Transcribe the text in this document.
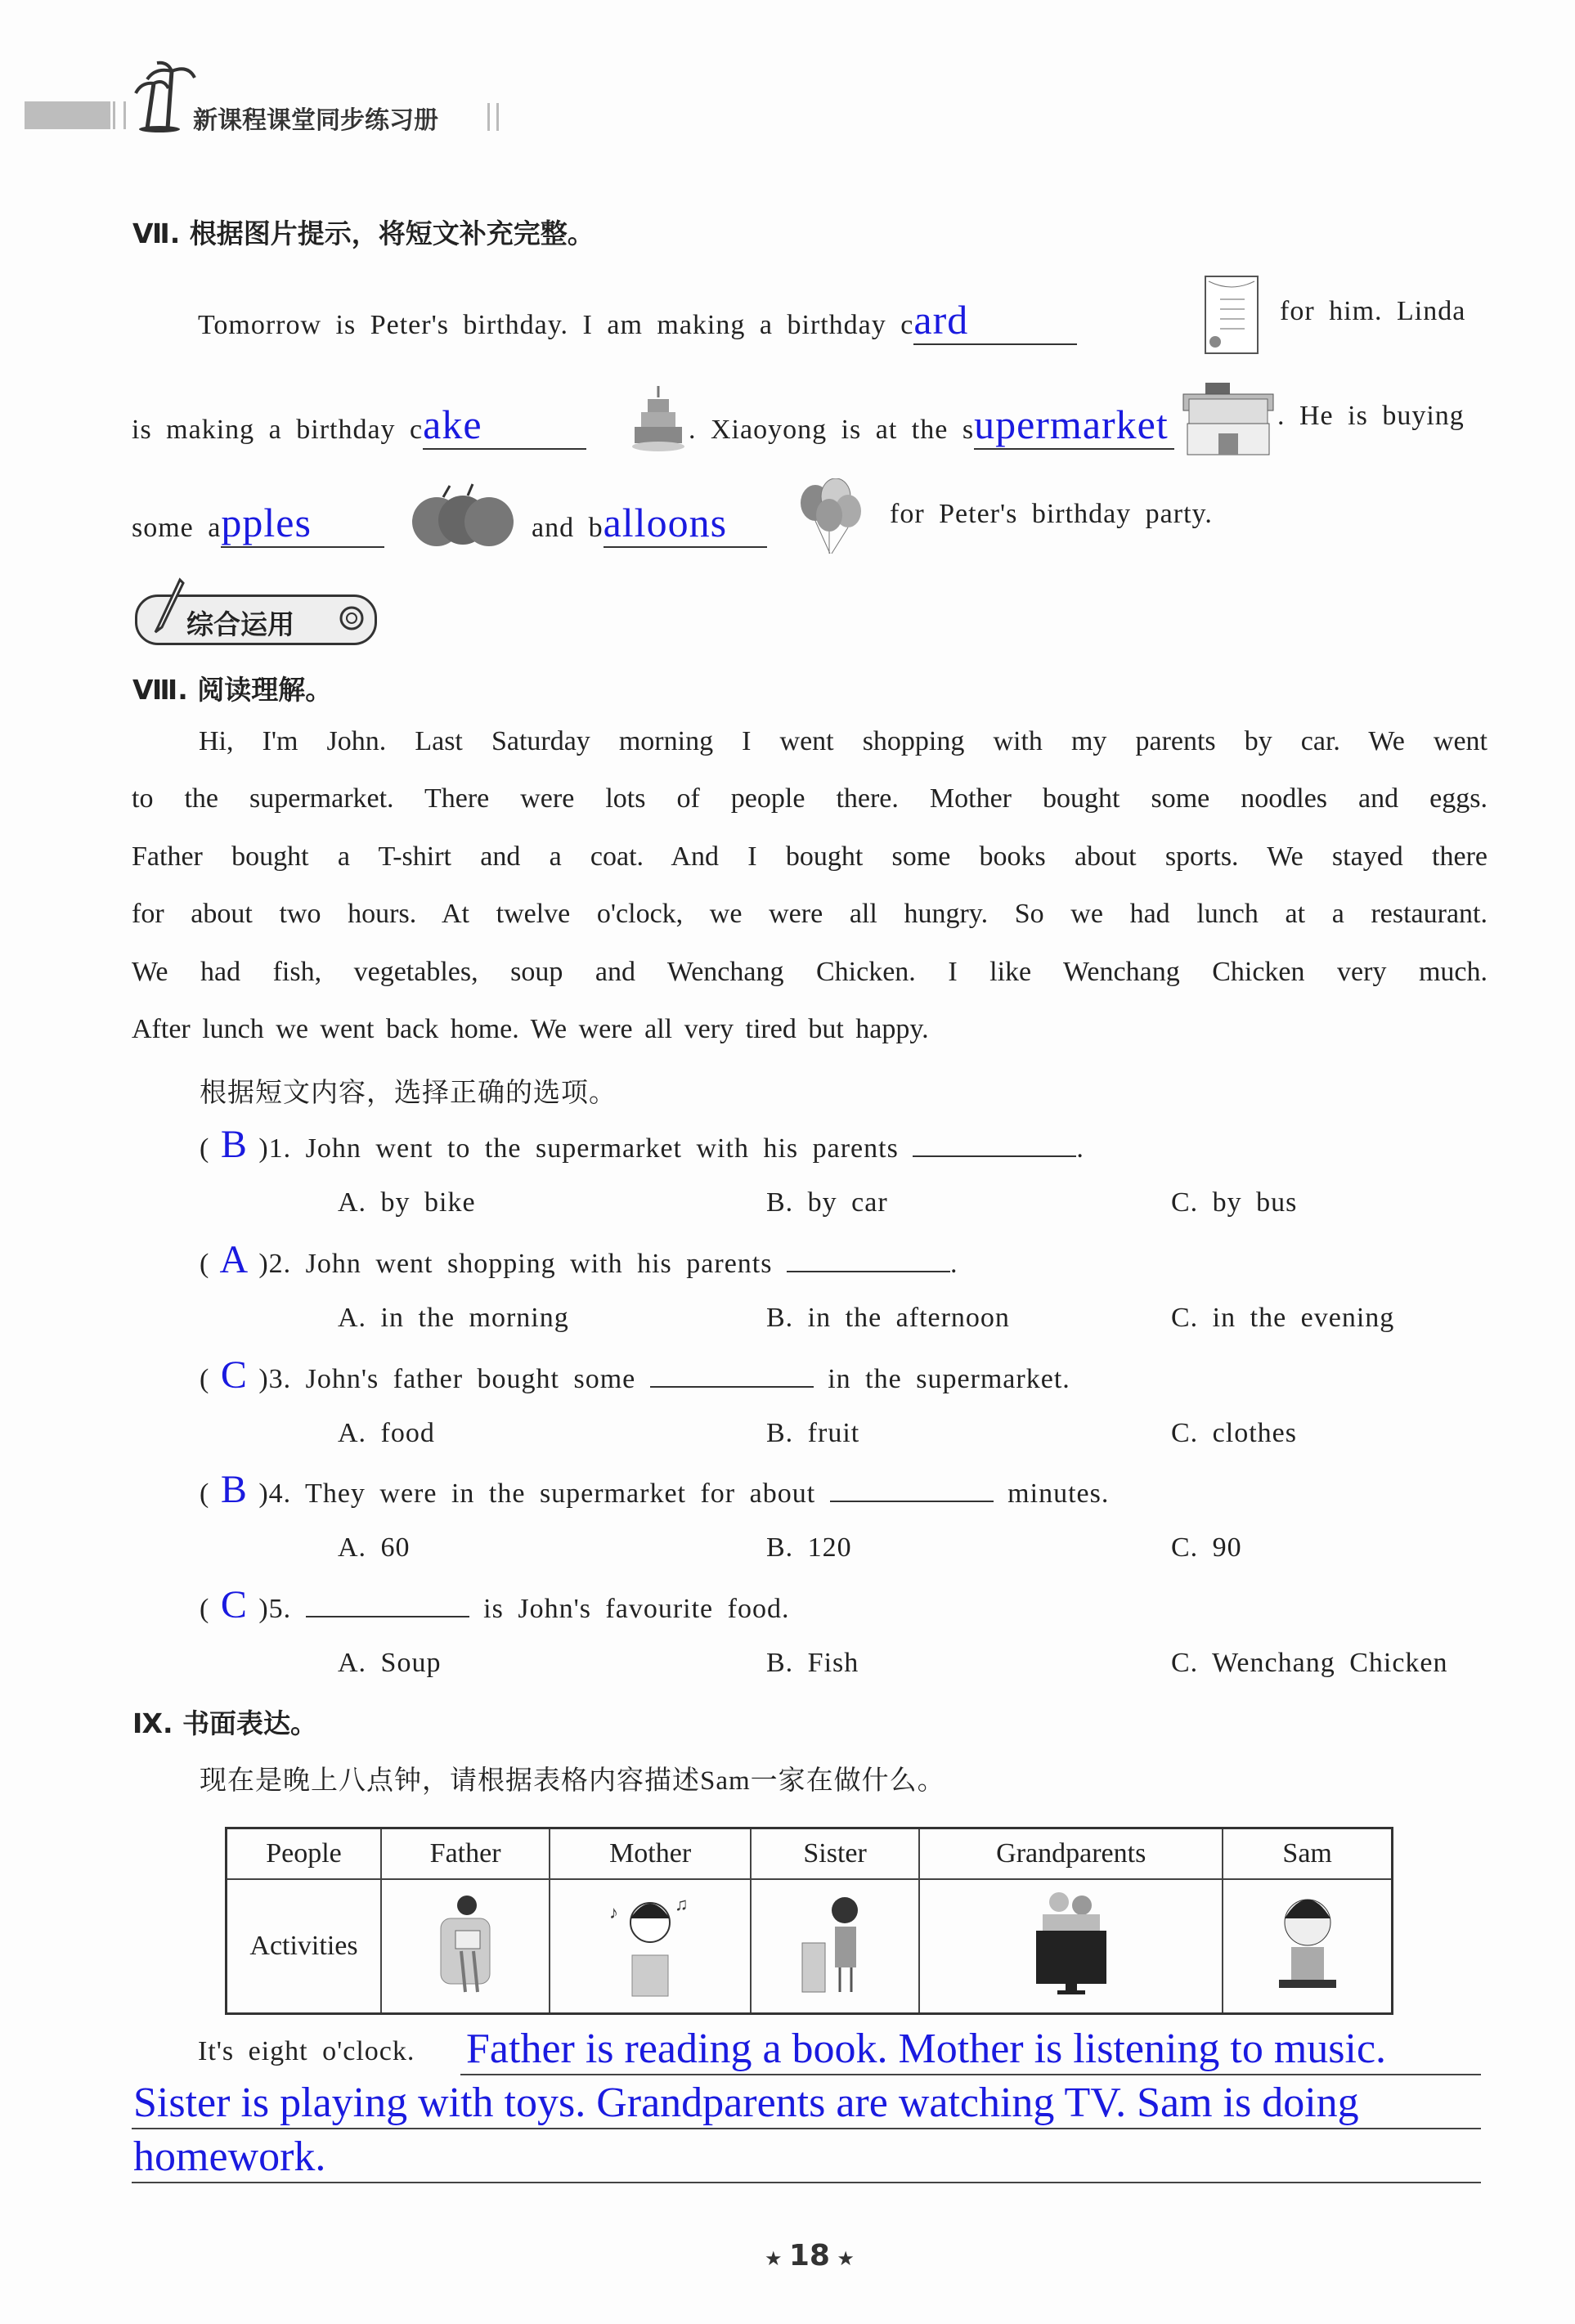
新课程课堂同步练习册
Ⅶ. 根据图片提示，将短文补充完整。
Tomorrow is Peter's birthday. I am making a birthday card	for him. Linda
is making a birthday cake	. Xiaoyong is at the supermarket	. He is buying
some apples	and balloons	for Peter's birthday party.
综合运用
Ⅷ. 阅读理解。
Hi, I'm John. Last Saturday morning I went shopping with my parents by car. We went
to the supermarket. There were lots of people there. Mother bought some noodles and eggs.
Father bought a T-shirt and a coat. And I bought some books about sports. We stayed there
for about two hours. At twelve o'clock, we were all hungry. So we had lunch at a restaurant.
We had fish, vegetables, soup and Wenchang Chicken. I like Wenchang Chicken very much.
After lunch we went back home. We were all very tired but happy.
根据短文内容，选择正确的选项。
( B )1. John went to the supermarket with his parents	.
A. by bike	B. by car	C. by bus
( A )2. John went shopping with his parents	.
A. in the morning	B. in the afternoon	C. in the evening
( C )3. John's father bought some	in the supermarket.
A. food	B. fruit	C. clothes
( B )4. They were in the supermarket for about	minutes.
A. 60	B. 120	C. 90
( C )5.	is John's favourite food.
A. Soup	B. Fish	C. Wenchang Chicken
Ⅸ. 书面表达。
现在是晚上八点钟，请根据表格内容描述Sam一家在做什么。
People	Father	Mother	Sister	Grandparents	Sam
Activities		♪ ♫

It's eight o'clock. Father is reading a book. Mother is listening to music.
Sister is playing with toys. Grandparents are watching TV. Sam is doing
homework.
★ 18 ★
